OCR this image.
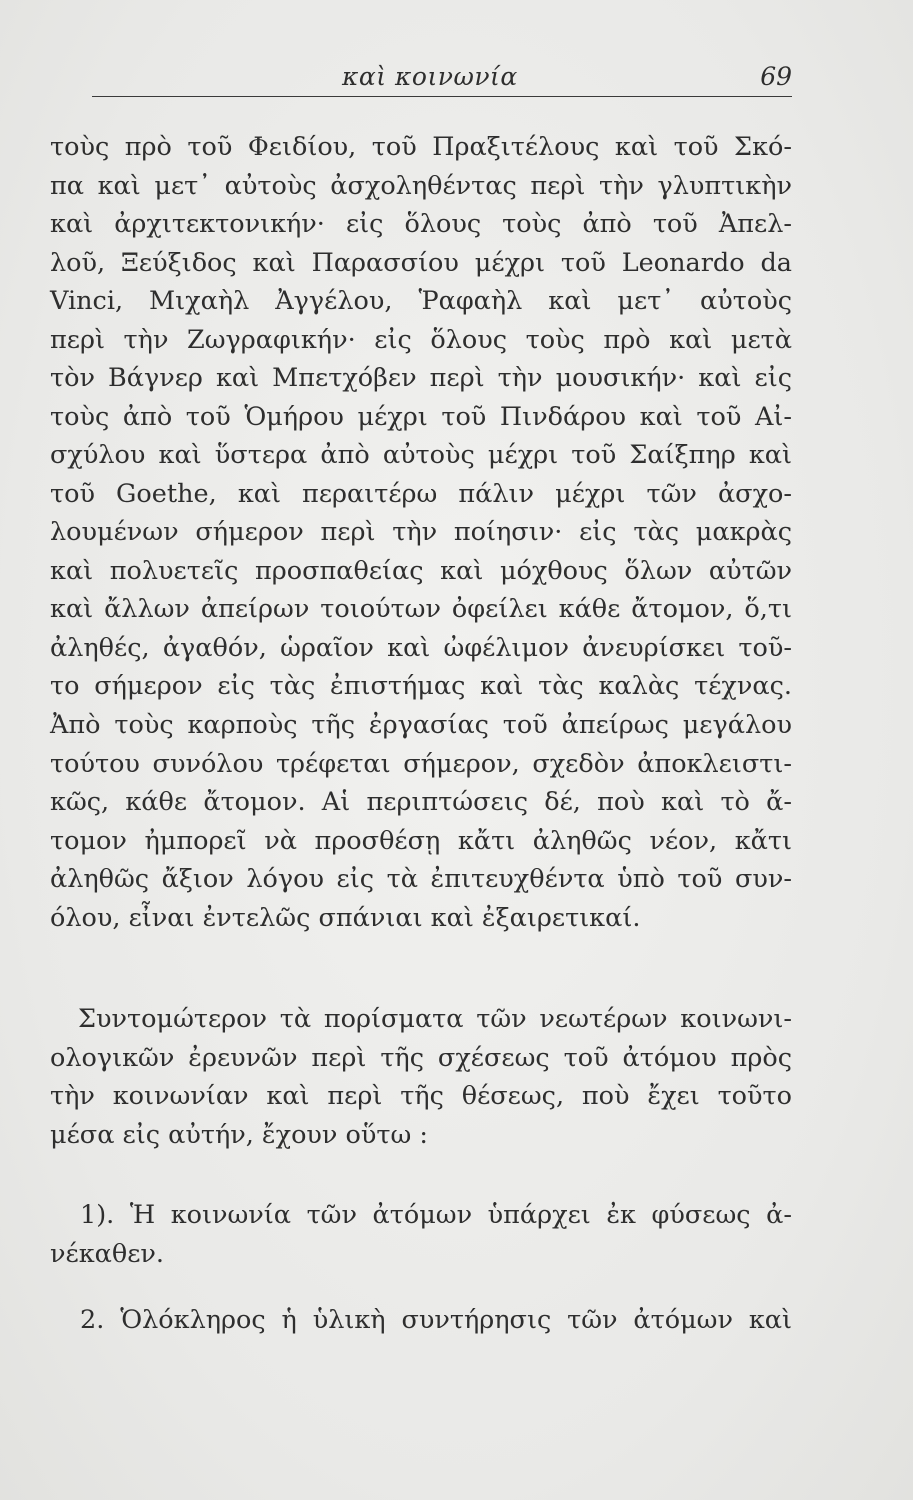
καὶ κοινωνία	69
τοὺς πρὸ τοῦ Φειδίου, τοῦ Πραξιτέλους καὶ τοῦ Σκό-
πα καὶ μετ᾽ αὐτοὺς ἀσχοληθέντας περὶ τὴν γλυπτικὴν
καὶ ἀρχιτεκτονικήν· εἰς ὅλους τοὺς ἀπὸ τοῦ Ἀπελ-
λοῦ, Ξεύξιδος καὶ Παρασσίου μέχρι τοῦ Leonardo da
Vinci, Μιχαὴλ Ἀγγέλου, Ῥαφαὴλ καὶ μετ᾽ αὐτοὺς
περὶ τὴν Ζωγραφικήν· εἰς ὅλους τοὺς πρὸ καὶ μετὰ
τὸν Βάγνερ καὶ Μπετχόβεν περὶ τὴν μουσικήν· καὶ εἰς
τοὺς ἀπὸ τοῦ Ὁμήρου μέχρι τοῦ Πινδάρου καὶ τοῦ Αἰ-
σχύλου καὶ ὕστερα ἀπὸ αὐτοὺς μέχρι τοῦ Σαίξπηρ καὶ
τοῦ Goethe, καὶ περαιτέρω πάλιν μέχρι τῶν ἀσχο-
λουμένων σήμερον περὶ τὴν ποίησιν· εἰς τὰς μακρὰς
καὶ πολυετεῖς προσπαθείας καὶ μόχθους ὅλων αὐτῶν
καὶ ἄλλων ἀπείρων τοιούτων ὀφείλει κάθε ἄτομον, ὅ,τι
ἀληθές, ἀγαθόν, ὡραῖον καὶ ὠφέλιμον ἀνευρίσκει τοῦ-
το σήμερον εἰς τὰς ἐπιστήμας καὶ τὰς καλὰς τέχνας.
Ἀπὸ τοὺς καρποὺς τῆς ἐργασίας τοῦ ἀπείρως μεγάλου
τούτου συνόλου τρέφεται σήμερον, σχεδὸν ἀποκλειστι-
κῶς, κάθε ἄτομον. Αἱ περιπτώσεις δέ, ποὺ καὶ τὸ ἄ-
τομον ἠμπορεῖ νὰ προσθέσῃ κἄτι ἀληθῶς νέον, κἄτι
ἀληθῶς ἄξιον λόγου εἰς τὰ ἐπιτευχθέντα ὑπὸ τοῦ συν-
όλου, εἶναι ἐντελῶς σπάνιαι καὶ ἐξαιρετικαί.
Συντομώτερον τὰ πορίσματα τῶν νεωτέρων κοινωνι-
ολογικῶν ἐρευνῶν περὶ τῆς σχέσεως τοῦ ἀτόμου πρὸς
τὴν κοινωνίαν καὶ περὶ τῆς θέσεως, ποὺ ἔχει τοῦτο
μέσα εἰς αὐτήν, ἔχουν οὕτω :
1). Ἡ κοινωνία τῶν ἀτόμων ὑπάρχει ἐκ φύσεως ἀ-
νέκαθεν.
2. Ὁλόκληρος ἡ ὑλικὴ συντήρησις τῶν ἀτόμων καὶ
